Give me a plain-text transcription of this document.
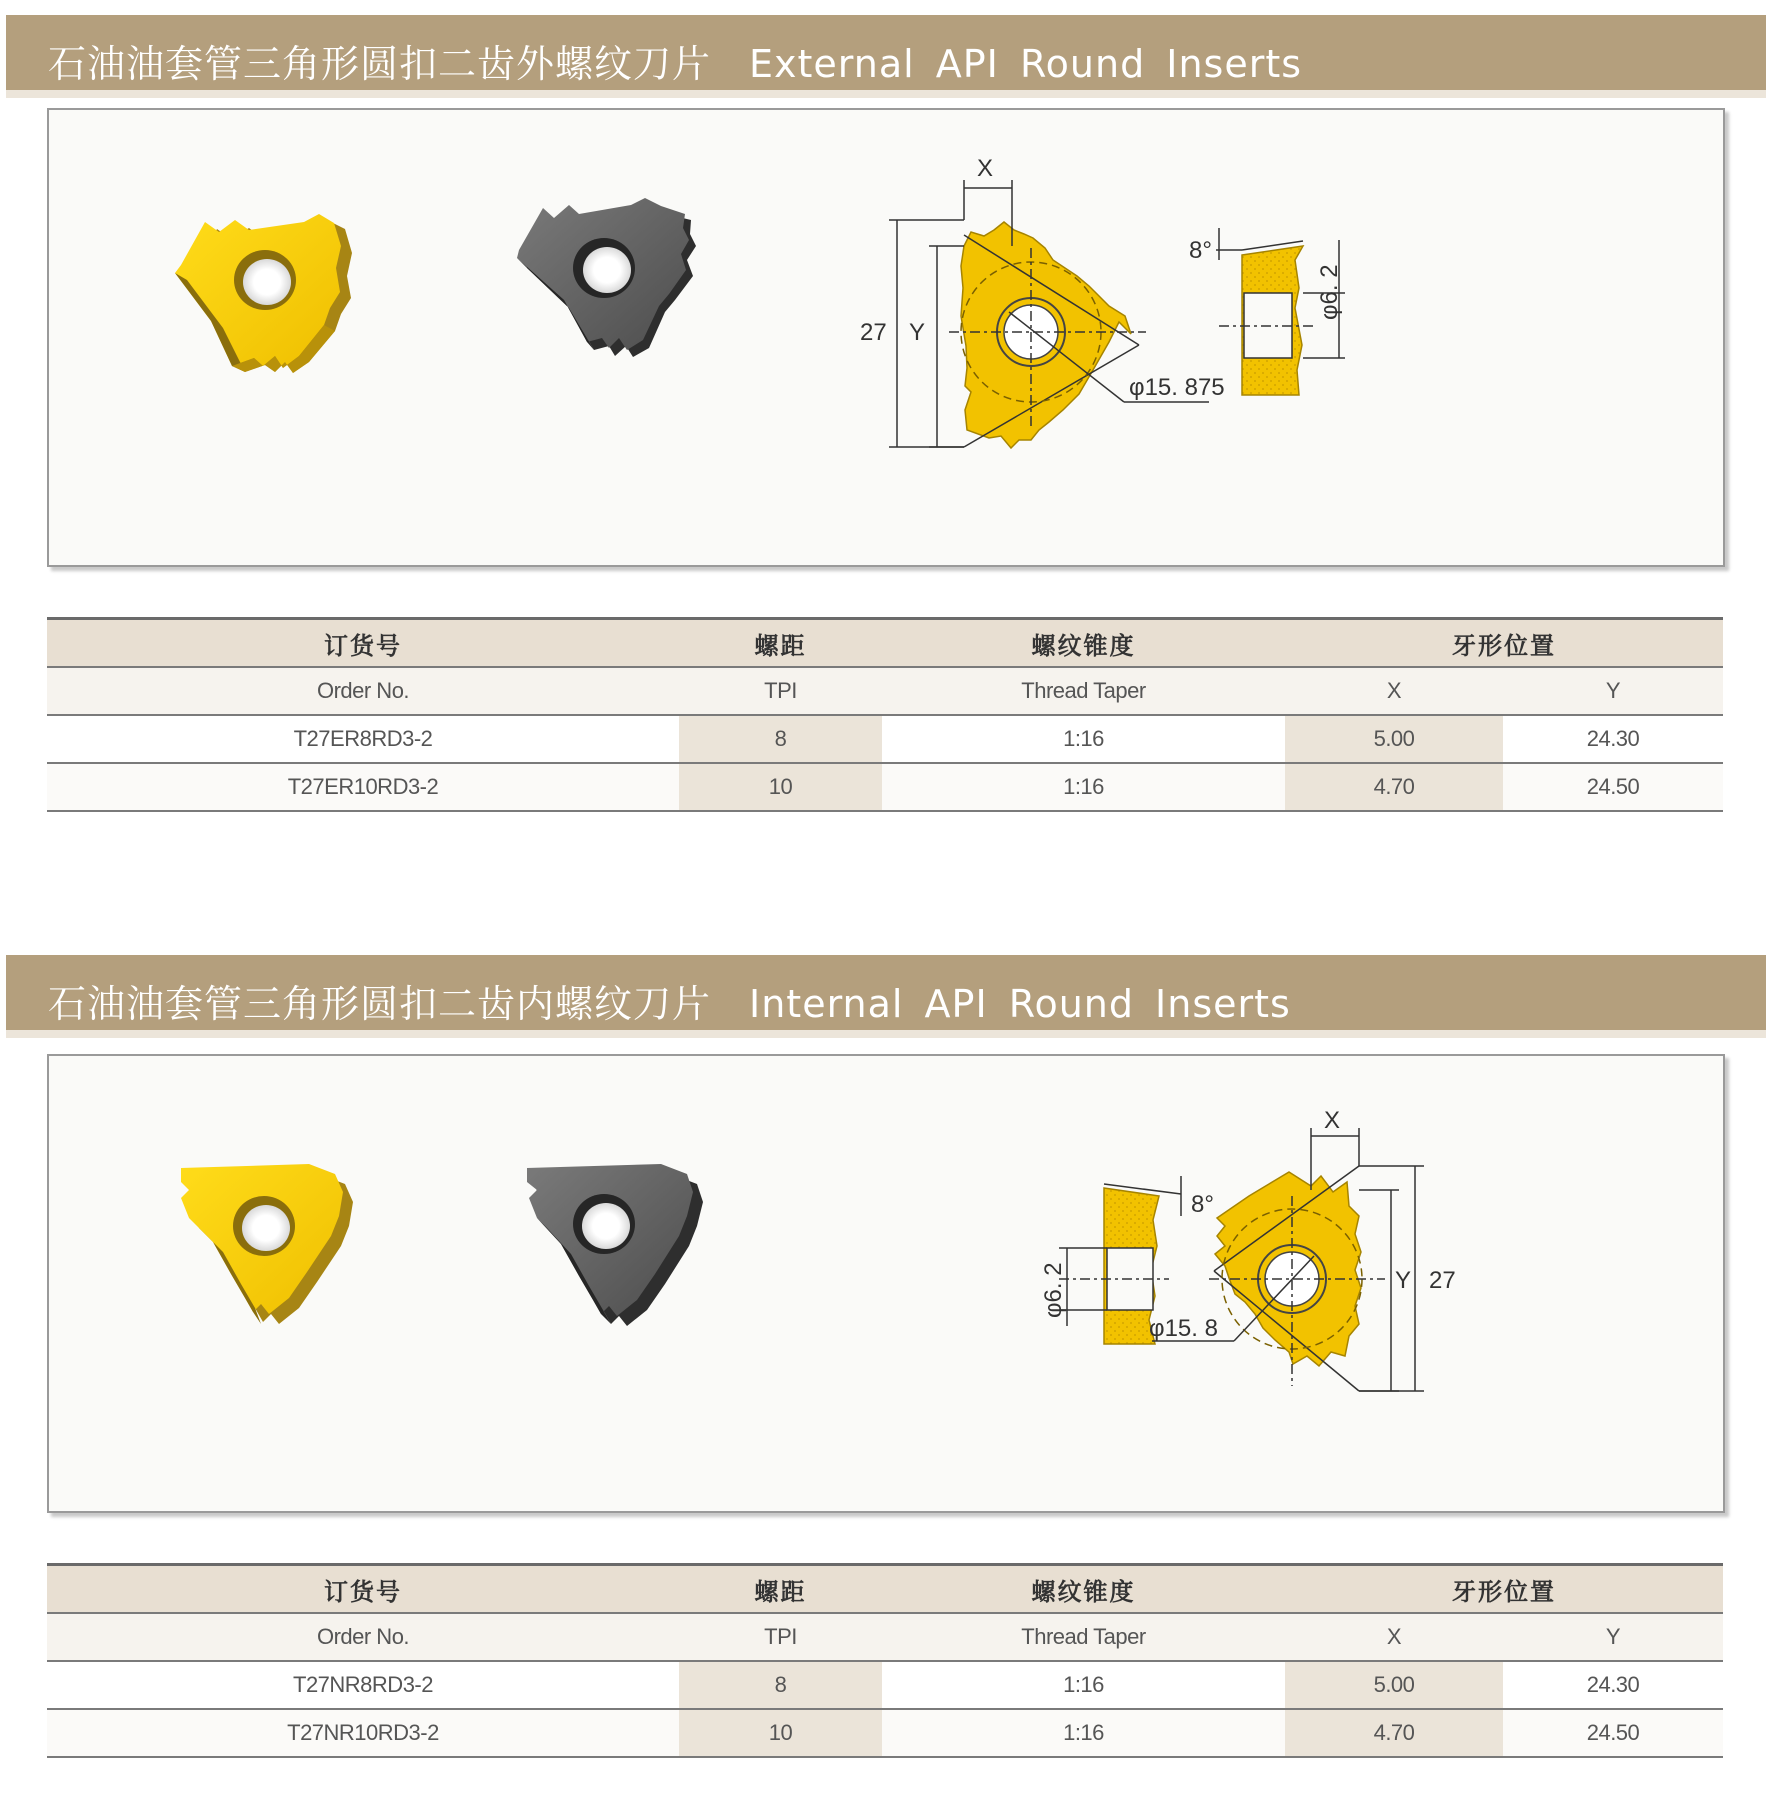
石油油套管三角形圆扣二齿外螺纹刀片 External API Round Inserts
X
27 Y
φ15. 875
8°
φ6. 2
订货号	螺距	螺纹锥度	牙形位置	
Order No.	TPI	Thread Taper	X	Y
T27ER8RD3-2	8	1:16	5.00	24.30
T27ER10RD3-2	10	1:16	4.70	24.50
石油油套管三角形圆扣二齿内螺纹刀片 Internal API Round Inserts
X
Y 27
φ15. 8
8°
φ6. 2
订货号	螺距	螺纹锥度	牙形位置	
Order No.	TPI	Thread Taper	X	Y
T27NR8RD3-2	8	1:16	5.00	24.30
T27NR10RD3-2	10	1:16	4.70	24.50
